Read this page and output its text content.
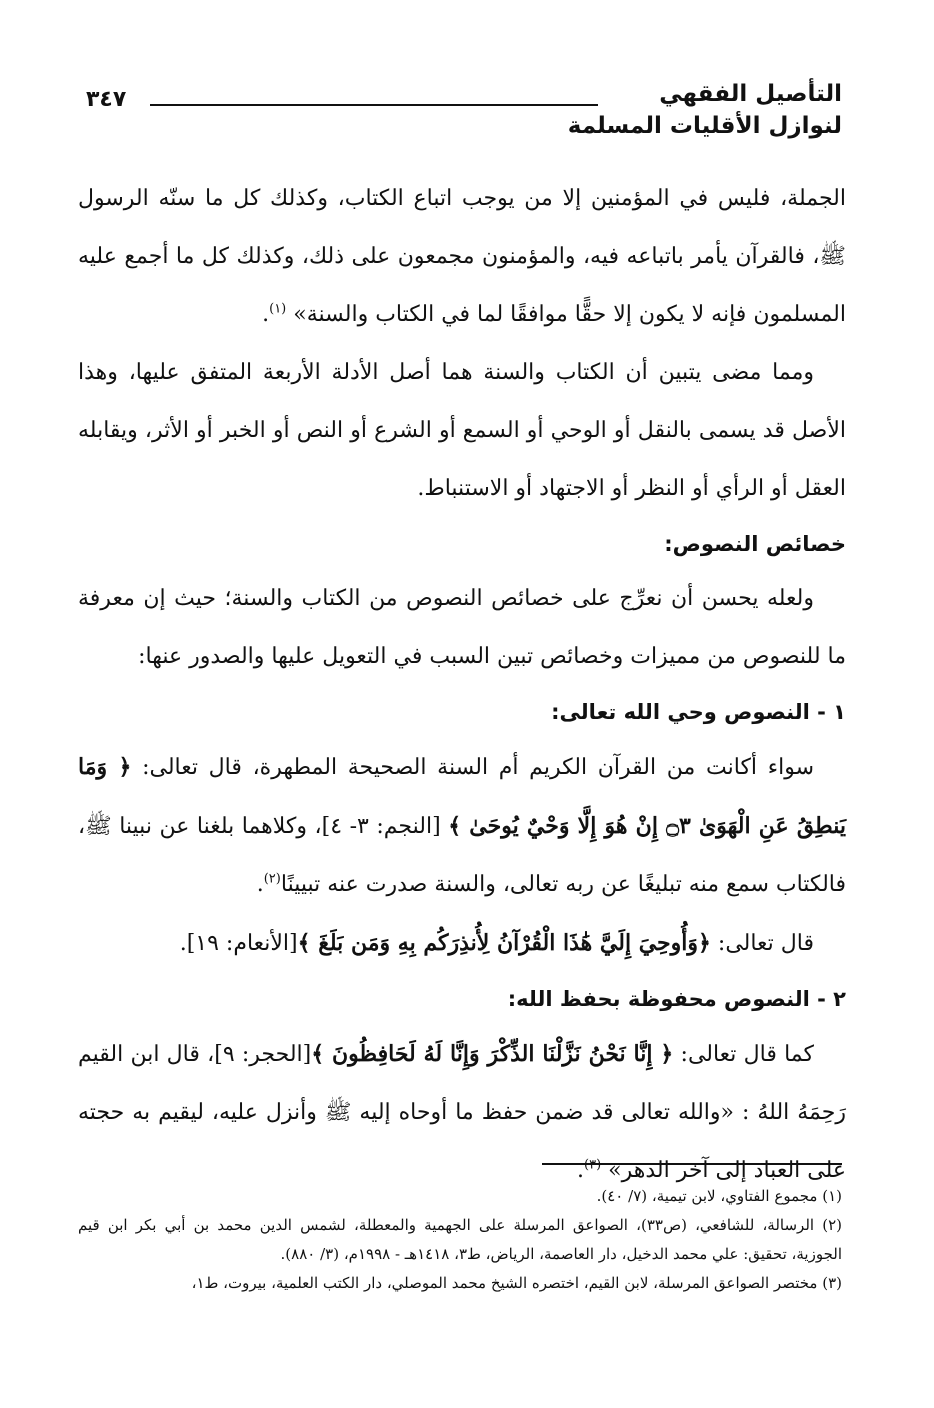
التأصيل الفقهي
لنوازل الأقليات المسلمة
٣٤٧

الجملة، فليس في المؤمنين إلا من يوجب اتباع الكتاب، وكذلك كل ما سنّه الرسول ﷺ، فالقرآن يأمر باتباعه فيه، والمؤمنون مجمعون على ذلك، وكذلك كل ما أجمع عليه المسلمون فإنه لا يكون إلا حقًّا موافقًا لما في الكتاب والسنة» $^{(١)}$.

ومما مضى يتبين أن الكتاب والسنة هما أصل الأدلة الأربعة المتفق عليها، وهذا الأصل قد يسمى بالنقل أو الوحي أو السمع أو الشرع أو النص أو الخبر أو الأثر، ويقابله العقل أو الرأي أو النظر أو الاجتهاد أو الاستنباط.

خصائص النصوص:

ولعله يحسن أن نعرِّج على خصائص النصوص من الكتاب والسنة؛ حيث إن معرفة ما للنصوص من مميزات وخصائص تبين السبب في التعويل عليها والصدور عنها:

١ - النصوص وحي الله تعالى:

سواء أكانت من القرآن الكريم أم السنة الصحيحة المطهرة، قال تعالى: ﴿ وَمَا يَنطِقُ عَنِ الْهَوَىٰ ۝٣ إِنْ هُوَ إِلَّا وَحْيٌ يُوحَىٰ ﴾ [النجم: ٣- ٤]، وكلاهما بلغنا عن نبينا ﷺ، فالكتاب سمع منه تبليغًا عن ربه تعالى، والسنة صدرت عنه تبيينًا$^{(٢)}$.

قال تعالى: ﴿وَأُوحِيَ إِلَيَّ هَٰذَا الْقُرْآنُ لِأُنذِرَكُم بِهِ وَمَن بَلَغَ ﴾[الأنعام: ١٩].

٢ - النصوص محفوظة بحفظ الله:

كما قال تعالى: ﴿ إِنَّا نَحْنُ نَزَّلْنَا الذِّكْرَ وَإِنَّا لَهُ لَحَافِظُونَ ﴾[الحجر: ٩]، قال ابن القيم رَحِمَهُ اللهُ : «والله تعالى قد ضمن حفظ ما أوحاه إليه ﷺ وأنزل عليه، ليقيم به حجته على العباد إلى آخر الدهر» $^{(٣)}$.

(١) مجموع الفتاوي، لابن تيمية، (٧/ ٤٠).

(٢) الرسالة، للشافعي، (ص٣٣)، الصواعق المرسلة على الجهمية والمعطلة، لشمس الدين محمد بن أبي بكر ابن قيم الجوزية، تحقيق: علي محمد الدخيل، دار العاصمة، الرياض، ط٣، ١٤١٨هـ - ١٩٩٨م، (٣/ ٨٨٠).

(٣) مختصر الصواعق المرسلة، لابن القيم، اختصره الشيخ محمد الموصلي، دار الكتب العلمية، بيروت، ط١،
